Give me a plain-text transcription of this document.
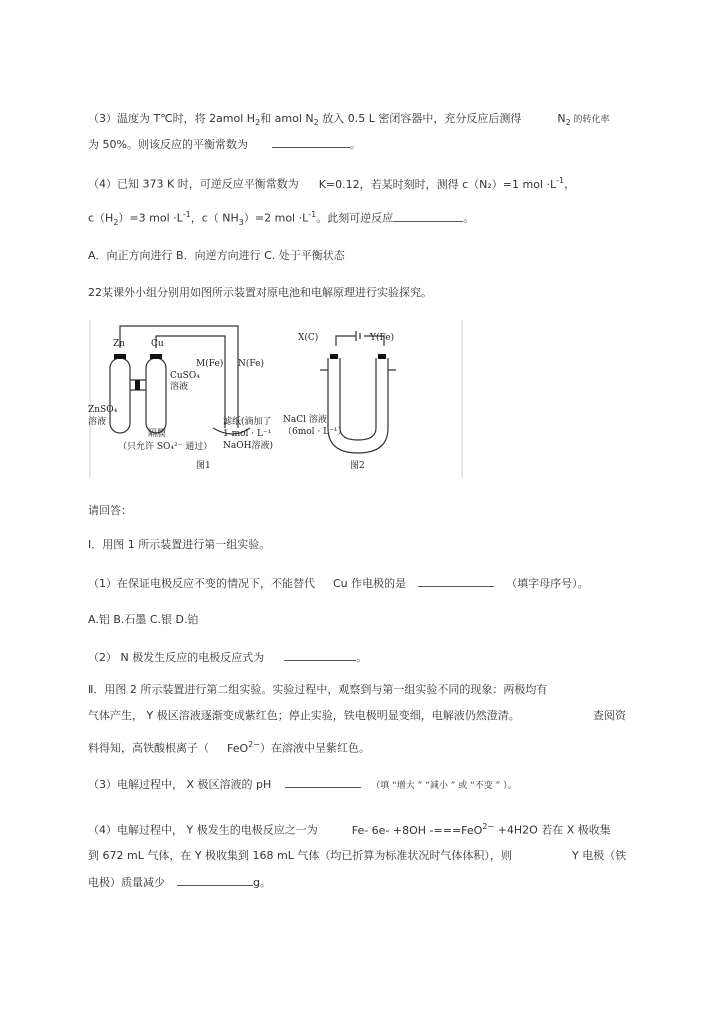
（3）温度为 T℃时，将 2amol $H_2$和 amol $N_2$ 放入 0.5 L 密闭容器中，充分反应后测得	$N_2$ 的转化率
为 50%。则该反应的平衡常数为	。
（4）已知 373 K 时，可逆反应平衡常数为 K=0.12，若某时刻时，测得 c（N₂）=1 mol $\cdot L^{-1}$，
$c(H_2)=3$ mol $\cdot L^{-1}$，c（ $NH_3)=2$ mol $\cdot L^{-1}$。此刻可逆反应	。
A．向正方向进行 B．向逆方向进行 C. 处于平衡状态
22某课外小组分别用如图所示装置对原电池和电解原理进行实验探究。
Zn	Cu
M(Fe) N(Fe)
CuSO₄
溶液
ZnSO₄
溶液
隔膜
（只允许 SO₄²⁻ 通过）
滤纸(滴加了
1 mol · L⁻¹
NaOH溶液)
图1
X(C)	Y(Fe)
NaCl 溶液
（6mol · L⁻¹）
图2
请回答：
Ⅰ．用图 1 所示装置进行第一组实验。
（1）在保证电极反应不变的情况下，不能替代 Cu 作电极的是	（填字母序号）。
A.铝 B.石墨 C.银 D.铂
（2） N 极发生反应的电极反应式为	。
Ⅱ．用图 2 所示装置进行第二组实验。实验过程中，观察到与第一组实验不同的现象：两极均有
气体产生， Y 极区溶液逐渐变成紫红色；停止实验，铁电极明显变细，电解液仍然澄清。	查阅资
料得知，高铁酸根离子（ FeO$^{2-}$）在溶液中呈紫红色。
（3）电解过程中， X 极区溶液的 pH	（填 “增大 ” “减小 ” 或 “不变 ” ）。
（4）电解过程中， Y 极发生的电极反应之一为	Fe- 6e- +8OH -===FeO$^{2-}$ +4H2O 若在 X 极收集
到 672 mL 气体，在 Y 极收集到 168 mL 气体（均已折算为标准状况时气体体积），则	Y 电极（铁
电极）质量减少	g。
